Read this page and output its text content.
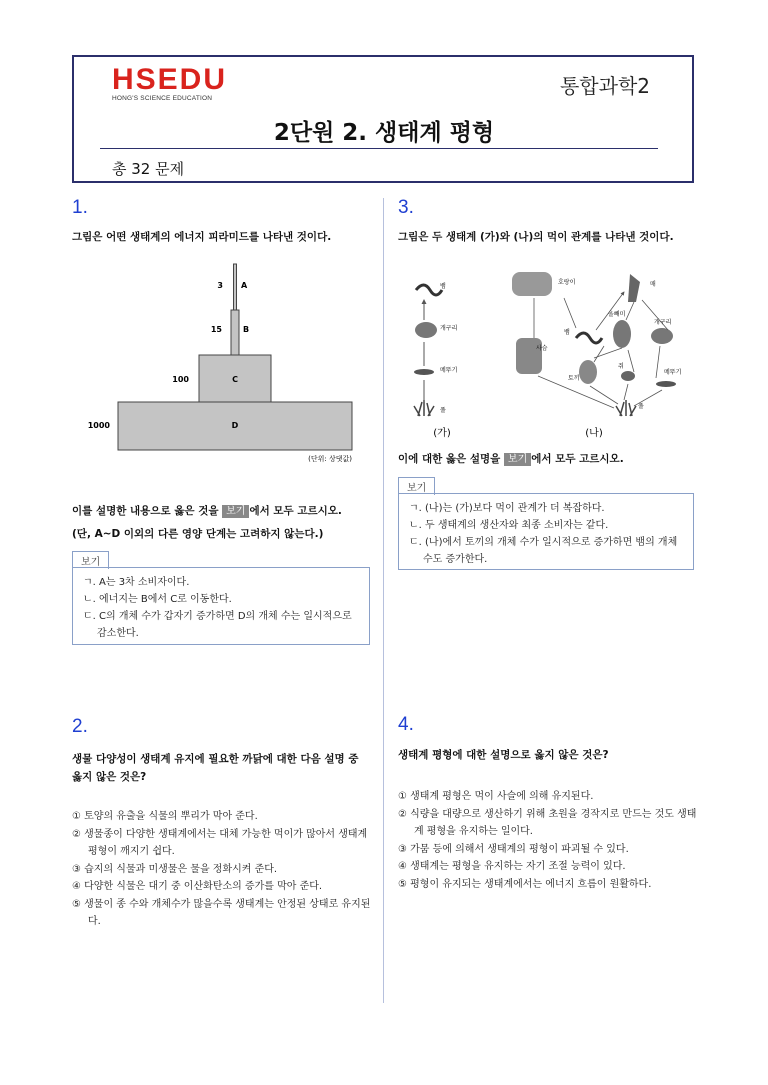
HSEDU
HONG'S SCIENCE EDUCATION
통합과학2
2단원 2. 생태계 평형
총 32 문제
1.
그림은 어떤 생태계의 에너지 피라미드를 나타낸 것이다.
3 A
15	B
100	C
1000	D
(단위: 상댓값)
이를 설명한 내용으로 옳은 것을 보기 에서 모두 고르시오.
(단, A~D 이외의 다른 영양 단계는 고려하지 않는다.)
보기
ㄱ. A는 3차 소비자이다.
ㄴ. 에너지는 B에서 C로 이동한다.
ㄷ. C의 개체 수가 갑자기 증가하면 D의 개체 수는 일시적으로 감소한다.
2.
생물 다양성이 생태계 유지에 필요한 까닭에 대한 다음 설명 중 옳지 않은 것은?
① 토양의 유출을 식물의 뿌리가 막아 준다.
② 생물종이 다양한 생태계에서는 대체 가능한 먹이가 많아서 생태계 평형이 깨지기 쉽다.
③ 습지의 식물과 미생물은 물을 정화시켜 준다.
④ 다양한 식물은 대기 중 이산화탄소의 증가를 막아 준다.
⑤ 생물이 종 수와 개체수가 많을수록 생태계는 안정된 상태로 유지된다.
3.
그림은 두 생태계 (가)와 (나)의 먹이 관계를 나타낸 것이다.
뱀
개구리
메뚜기
풀
(가)
호랑이	매
올빼미
뱀
개구리
사슴
토끼
쥐
메뚜기
풀
(나)
이에 대한 옳은 설명을 보기 에서 모두 고르시오.
보기
ㄱ. (나)는 (가)보다 먹이 관계가 더 복잡하다.
ㄴ. 두 생태계의 생산자와 최종 소비자는 같다.
ㄷ. (나)에서 토끼의 개체 수가 일시적으로 증가하면 뱀의 개체 수도 증가한다.
4.
생태계 평형에 대한 설명으로 옳지 않은 것은?
① 생태계 평형은 먹이 사슬에 의해 유지된다.
② 식량을 대량으로 생산하기 위해 초원을 경작지로 만드는 것도 생태계 평형을 유지하는 일이다.
③ 가뭄 등에 의해서 생태계의 평형이 파괴될 수 있다.
④ 생태계는 평형을 유지하는 자기 조절 능력이 있다.
⑤ 평형이 유지되는 생태계에서는 에너지 흐름이 원활하다.
